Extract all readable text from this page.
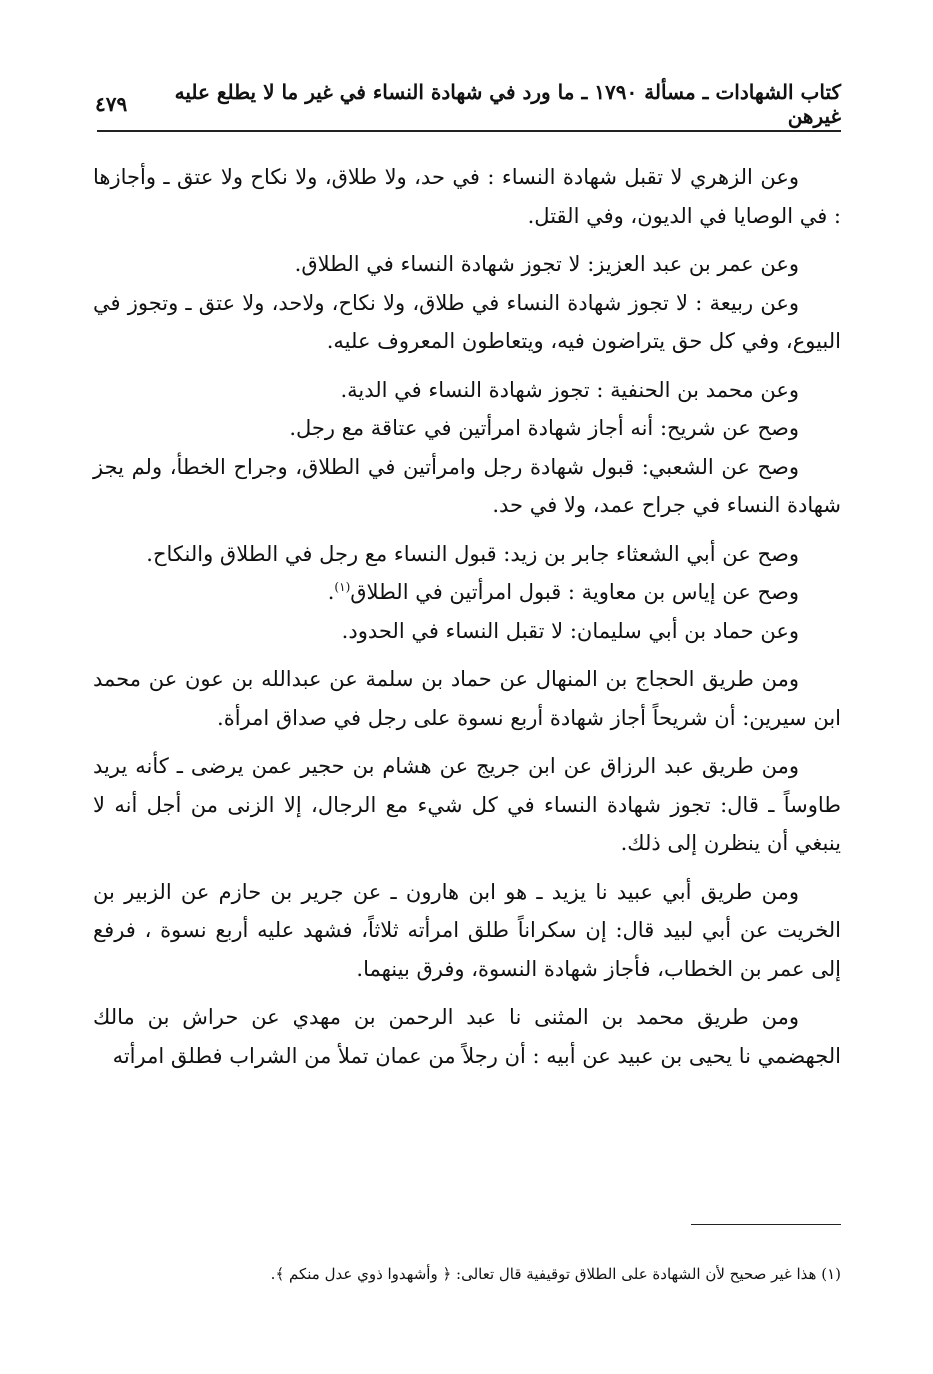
كتاب الشهادات ـ مسألة ١٧٩٠ ـ ما ورد في شهادة النساء في غير ما لا يطلع عليه غيرهن
٤٧٩

وعن الزهري لا تقبل شهادة النساء : في حد، ولا طلاق، ولا نكاح ولا عتق ـ وأجازها : في الوصايا في الديون، وفي القتل.

وعن عمر بن عبد العزيز: لا تجوز شهادة النساء في الطلاق.

وعن ربيعة : لا تجوز شهادة النساء في طلاق، ولا نكاح، ولاحد، ولا عتق ـ وتجوز في البيوع، وفي كل حق يتراضون فيه، ويتعاطون المعروف عليه.

وعن محمد بن الحنفية : تجوز شهادة النساء في الدية.

وصح عن شريح: أنه أجاز شهادة امرأتين في عتاقة مع رجل.

وصح عن الشعبي: قبول شهادة رجل وامرأتين في الطلاق، وجراح الخطأ، ولم يجز شهادة النساء في جراح عمد، ولا في حد.

وصح عن أبي الشعثاء جابر بن زيد: قبول النساء مع رجل في الطلاق والنكاح.

وصح عن إياس بن معاوية : قبول امرأتين في الطلاق$^{(١)}$.

وعن حماد بن أبي سليمان: لا تقبل النساء في الحدود.

ومن طريق الحجاج بن المنهال عن حماد بن سلمة عن عبدالله بن عون عن محمد ابن سيرين: أن شريحاً أجاز شهادة أربع نسوة على رجل في صداق امرأة.

ومن طريق عبد الرزاق عن ابن جريج عن هشام بن حجير عمن يرضى ـ كأنه يريد طاوساً ـ قال: تجوز شهادة النساء في كل شيء مع الرجال، إلا الزنى من أجل أنه لا ينبغي أن ينظرن إلى ذلك.

ومن طريق أبي عبيد نا يزيد ـ هو ابن هارون ـ عن جرير بن حازم عن الزبير بن الخريت عن أبي لبيد قال: إن سكراناً طلق امرأته ثلاثاً، فشهد عليه أربع نسوة ، فرفع إلى عمر بن الخطاب، فأجاز شهادة النسوة، وفرق بينهما.

ومن طريق محمد بن المثنى نا عبد الرحمن بن مهدي عن حراش بن مالك الجهضمي نا يحيى بن عبيد عن أبيه : أن رجلاً من عمان تملأ من الشراب فطلق امرأته

(١) هذا غير صحيح لأن الشهادة على الطلاق توقيفية قال تعالى: ﴿ وأشهدوا ذوي عدل منكم ﴾.
